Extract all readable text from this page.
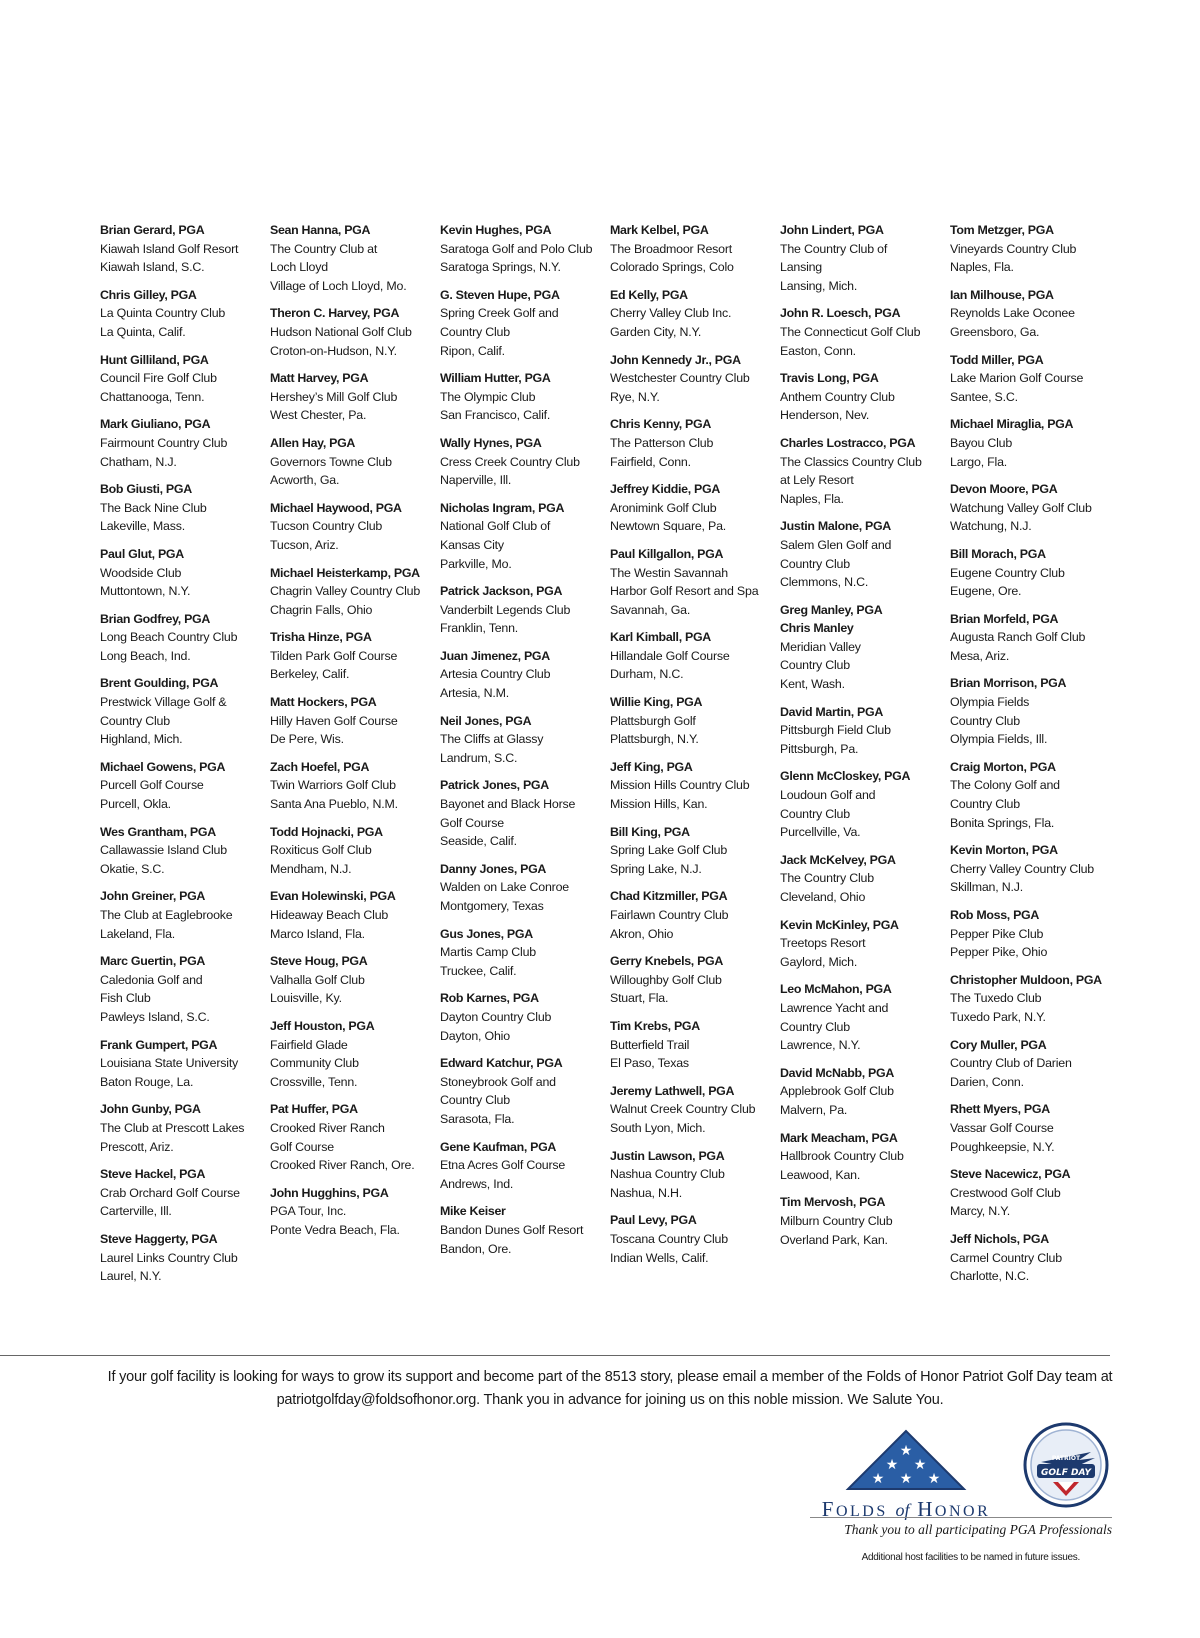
Brian Gerard, PGA
Kiawah Island Golf Resort
Kiawah Island, S.C.
Chris Gilley, PGA
La Quinta Country Club
La Quinta, Calif.
Hunt Gilliland, PGA
Council Fire Golf Club
Chattanooga, Tenn.
Mark Giuliano, PGA
Fairmount Country Club
Chatham, N.J.
Bob Giusti, PGA
The Back Nine Club
Lakeville, Mass.
Paul Glut, PGA
Woodside Club
Muttontown, N.Y.
Brian Godfrey, PGA
Long Beach Country Club
Long Beach, Ind.
Brent Goulding, PGA
Prestwick Village Golf &
Country Club
Highland, Mich.
Michael Gowens, PGA
Purcell Golf Course
Purcell, Okla.
Wes Grantham, PGA
Callawassie Island Club
Okatie, S.C.
John Greiner, PGA
The Club at Eaglebrooke
Lakeland, Fla.
Marc Guertin, PGA
Caledonia Golf and
Fish Club
Pawleys Island, S.C.
Frank Gumpert, PGA
Louisiana State University
Baton Rouge, La.
John Gunby, PGA
The Club at Prescott Lakes
Prescott, Ariz.
Steve Hackel, PGA
Crab Orchard Golf Course
Carterville, Ill.
Steve Haggerty, PGA
Laurel Links Country Club
Laurel, N.Y.
Sean Hanna, PGA
The Country Club at
Loch Lloyd
Village of Loch Lloyd, Mo.
Theron C. Harvey, PGA
Hudson National Golf Club
Croton-on-Hudson, N.Y.
Matt Harvey, PGA
Hershey’s Mill Golf Club
West Chester, Pa.
Allen Hay, PGA
Governors Towne Club
Acworth, Ga.
Michael Haywood, PGA
Tucson Country Club
Tucson, Ariz.
Michael Heisterkamp, PGA
Chagrin Valley Country Club
Chagrin Falls, Ohio
Trisha Hinze, PGA
Tilden Park Golf Course
Berkeley, Calif.
Matt Hockers, PGA
Hilly Haven Golf Course
De Pere, Wis.
Zach Hoefel, PGA
Twin Warriors Golf Club
Santa Ana Pueblo, N.M.
Todd Hojnacki, PGA
Roxiticus Golf Club
Mendham, N.J.
Evan Holewinski, PGA
Hideaway Beach Club
Marco Island, Fla.
Steve Houg, PGA
Valhalla Golf Club
Louisville, Ky.
Jeff Houston, PGA
Fairfield Glade
Community Club
Crossville, Tenn.
Pat Huffer, PGA
Crooked River Ranch
Golf Course
Crooked River Ranch, Ore.
John Hugghins, PGA
PGA Tour, Inc.
Ponte Vedra Beach, Fla.
Kevin Hughes, PGA
Saratoga Golf and Polo Club
Saratoga Springs, N.Y.
G. Steven Hupe, PGA
Spring Creek Golf and
Country Club
Ripon, Calif.
William Hutter, PGA
The Olympic Club
San Francisco, Calif.
Wally Hynes, PGA
Cress Creek Country Club
Naperville, Ill.
Nicholas Ingram, PGA
National Golf Club of
Kansas City
Parkville, Mo.
Patrick Jackson, PGA
Vanderbilt Legends Club
Franklin, Tenn.
Juan Jimenez, PGA
Artesia Country Club
Artesia, N.M.
Neil Jones, PGA
The Cliffs at Glassy
Landrum, S.C.
Patrick Jones, PGA
Bayonet and Black Horse
Golf Course
Seaside, Calif.
Danny Jones, PGA
Walden on Lake Conroe
Montgomery, Texas
Gus Jones, PGA
Martis Camp Club
Truckee, Calif.
Rob Karnes, PGA
Dayton Country Club
Dayton, Ohio
Edward Katchur, PGA
Stoneybrook Golf and
Country Club
Sarasota, Fla.
Gene Kaufman, PGA
Etna Acres Golf Course
Andrews, Ind.
Mike Keiser
Bandon Dunes Golf Resort
Bandon, Ore.
Mark Kelbel, PGA
The Broadmoor Resort
Colorado Springs, Colo
Ed Kelly, PGA
Cherry Valley Club Inc.
Garden City, N.Y.
John Kennedy Jr., PGA
Westchester Country Club
Rye, N.Y.
Chris Kenny, PGA
The Patterson Club
Fairfield, Conn.
Jeffrey Kiddie, PGA
Aronimink Golf Club
Newtown Square, Pa.
Paul Killgallon, PGA
The Westin Savannah
Harbor Golf Resort and Spa
Savannah, Ga.
Karl Kimball, PGA
Hillandale Golf Course
Durham, N.C.
Willie King, PGA
Plattsburgh Golf
Plattsburgh, N.Y.
Jeff King, PGA
Mission Hills Country Club
Mission Hills, Kan.
Bill King, PGA
Spring Lake Golf Club
Spring Lake, N.J.
Chad Kitzmiller, PGA
Fairlawn Country Club
Akron, Ohio
Gerry Knebels, PGA
Willoughby Golf Club
Stuart, Fla.
Tim Krebs, PGA
Butterfield Trail
El Paso, Texas
Jeremy Lathwell, PGA
Walnut Creek Country Club
South Lyon, Mich.
Justin Lawson, PGA
Nashua Country Club
Nashua, N.H.
Paul Levy, PGA
Toscana Country Club
Indian Wells, Calif.
John Lindert, PGA
The Country Club of
Lansing
Lansing, Mich.
John R. Loesch, PGA
The Connecticut Golf Club
Easton, Conn.
Travis Long, PGA
Anthem Country Club
Henderson, Nev.
Charles Lostracco, PGA
The Classics Country Club
at Lely Resort
Naples, Fla.
Justin Malone, PGA
Salem Glen Golf and
Country Club
Clemmons, N.C.
Greg Manley, PGA
Chris Manley
Meridian Valley
Country Club
Kent, Wash.
David Martin, PGA
Pittsburgh Field Club
Pittsburgh, Pa.
Glenn McCloskey, PGA
Loudoun Golf and
Country Club
Purcellville, Va.
Jack McKelvey, PGA
The Country Club
Cleveland, Ohio
Kevin McKinley, PGA
Treetops Resort
Gaylord, Mich.
Leo McMahon, PGA
Lawrence Yacht and
Country Club
Lawrence, N.Y.
David McNabb, PGA
Applebrook Golf Club
Malvern, Pa.
Mark Meacham, PGA
Hallbrook Country Club
Leawood, Kan.
Tim Mervosh, PGA
Milburn Country Club
Overland Park, Kan.
Tom Metzger, PGA
Vineyards Country Club
Naples, Fla.
Ian Milhouse, PGA
Reynolds Lake Oconee
Greensboro, Ga.
Todd Miller, PGA
Lake Marion Golf Course
Santee, S.C.
Michael Miraglia, PGA
Bayou Club
Largo, Fla.
Devon Moore, PGA
Watchung Valley Golf Club
Watchung, N.J.
Bill Morach, PGA
Eugene Country Club
Eugene, Ore.
Brian Morfeld, PGA
Augusta Ranch Golf Club
Mesa, Ariz.
Brian Morrison, PGA
Olympia Fields
Country Club
Olympia Fields, Ill.
Craig Morton, PGA
The Colony Golf and
Country Club
Bonita Springs, Fla.
Kevin Morton, PGA
Cherry Valley Country Club
Skillman, N.J.
Rob Moss, PGA
Pepper Pike Club
Pepper Pike, Ohio
Christopher Muldoon, PGA
The Tuxedo Club
Tuxedo Park, N.Y.
Cory Muller, PGA
Country Club of Darien
Darien, Conn.
Rhett Myers, PGA
Vassar Golf Course
Poughkeepsie, N.Y.
Steve Nacewicz, PGA
Crestwood Golf Club
Marcy, N.Y.
Jeff Nichols, PGA
Carmel Country Club
Charlotte, N.C.
If your golf facility is looking for ways to grow its support and become part of the 8513 story, please email a member of the Folds of Honor Patriot Golf Day team at
patriotgolfday@foldsofhonor.org. Thank you in advance for joining us on this noble mission. We Salute You.
★
★ ★
★ ★ ★
FOLDS of HONOR
PATRIOT
GOLF DAY
Thank you to all participating PGA Professionals
Additional host facilities to be named in future issues.
